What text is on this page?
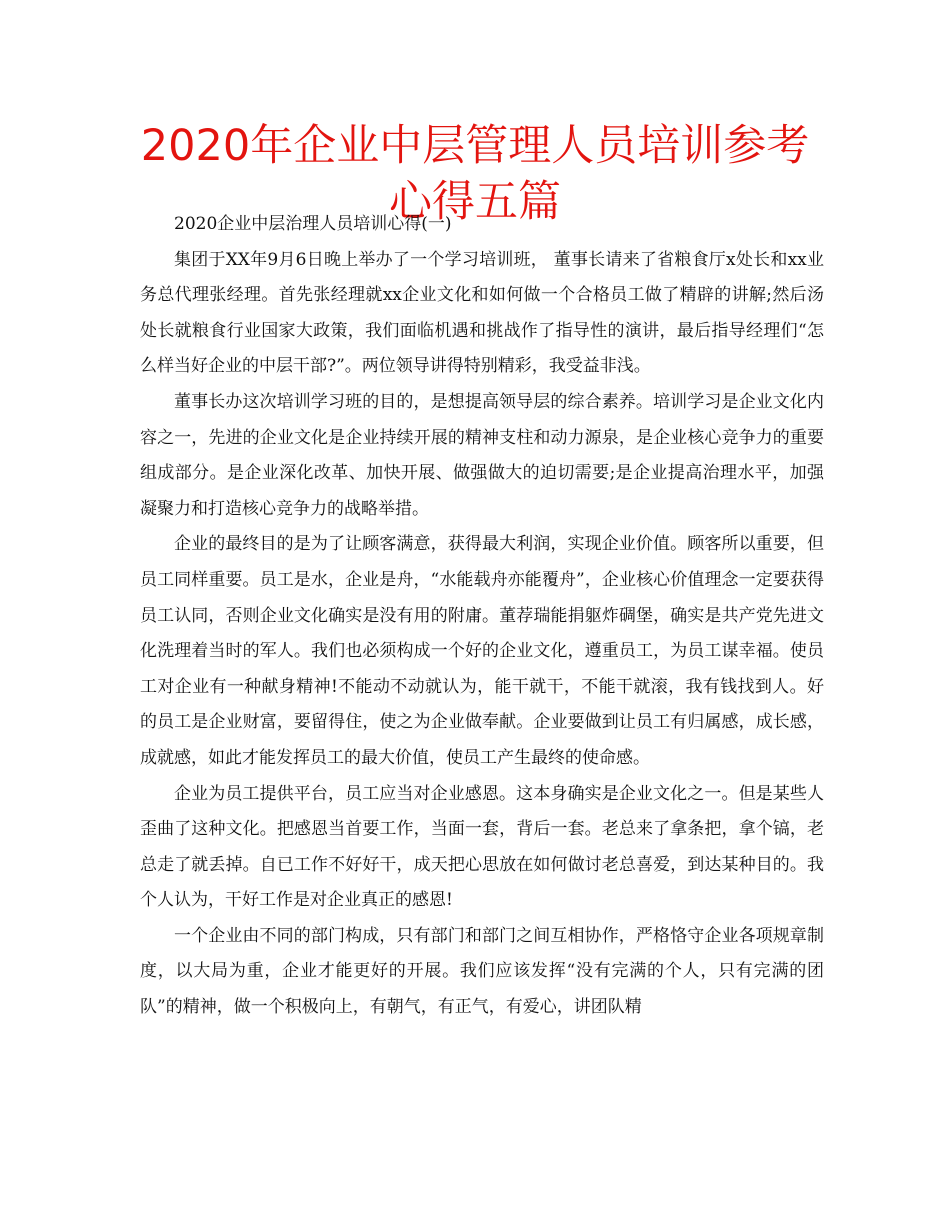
2020年企业中层管理人员培训参考心得五篇

2020企业中层治理人员培训心得(一)

集团于XX年9月6日晚上举办了一个学习培训班， 董事长请来了省粮食厅x处长和xx业务总代理张经理。首先张经理就xx企业文化和如何做一个合格员工做了精辟的讲解;然后汤处长就粮食行业国家大政策，我们面临机遇和挑战作了指导性的演讲，最后指导经理们“怎么样当好企业的中层干部?”。两位领导讲得特别精彩，我受益非浅。

董事长办这次培训学习班的目的，是想提高领导层的综合素养。培训学习是企业文化内容之一，先进的企业文化是企业持续开展的精神支柱和动力源泉，是企业核心竞争力的重要组成部分。是企业深化改革、加快开展、做强做大的迫切需要;是企业提高治理水平，加强凝聚力和打造核心竞争力的战略举措。

企业的最终目的是为了让顾客满意，获得最大利润，实现企业价值。顾客所以重要，但员工同样重要。员工是水，企业是舟，“水能载舟亦能覆舟”，企业核心价值理念一定要获得员工认同，否则企业文化确实是没有用的附庸。董荐瑞能捐躯炸碉堡，确实是共产党先进文化洗理着当时的军人。我们也必须构成一个好的企业文化，遵重员工，为员工谋幸福。使员工对企业有一种献身精神!不能动不动就认为，能干就干，不能干就滚，我有钱找到人。好的员工是企业财富，要留得住，使之为企业做奉献。企业要做到让员工有归属感，成长感，成就感，如此才能发挥员工的最大价值，使员工产生最终的使命感。

企业为员工提供平台，员工应当对企业感恩。这本身确实是企业文化之一。但是某些人歪曲了这种文化。把感恩当首要工作，当面一套，背后一套。老总来了拿条把，拿个镐，老总走了就丢掉。自已工作不好好干，成天把心思放在如何做讨老总喜爱，到达某种目的。我个人认为，干好工作是对企业真正的感恩!

一个企业由不同的部门构成，只有部门和部门之间互相协作，严格恪守企业各项规章制度，以大局为重，企业才能更好的开展。我们应该发挥“没有完满的个人，只有完满的团队”的精神，做一个积极向上，有朝气，有正气，有爱心，讲团队精
